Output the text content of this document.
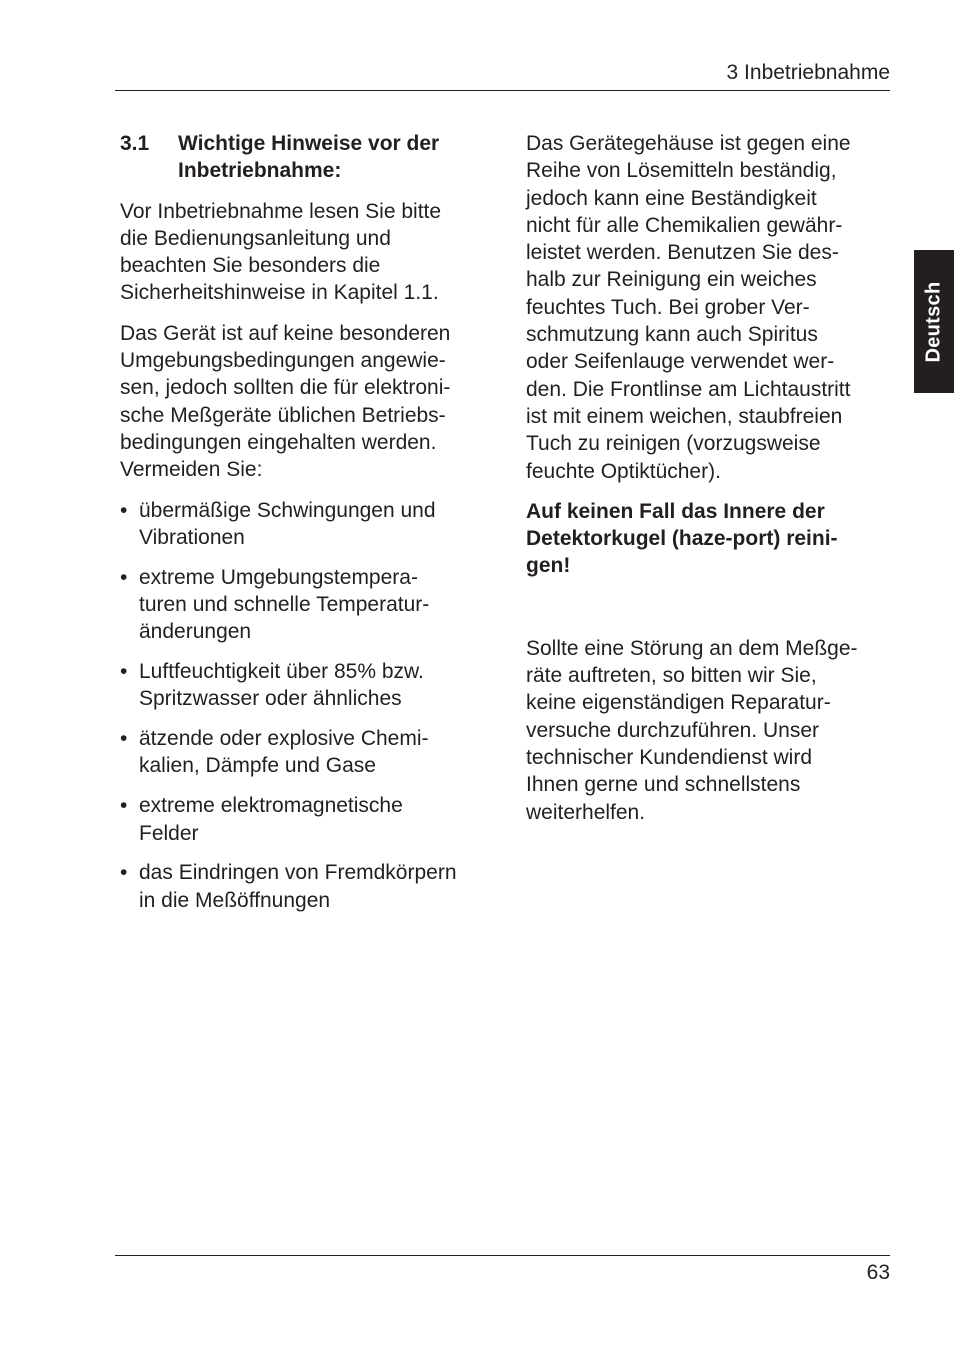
3 Inbetriebnahme
Deutsch
3.1	Wichtige Hinweise vor der
Inbetriebnahme:

Vor Inbetriebnahme lesen Sie bitte
die Bedienungsanleitung und
beachten Sie besonders die
Sicherheitshinweise in Kapitel 1.1.

Das Gerät ist auf keine besonderen
Umgebungsbedingungen angewie-
sen, jedoch sollten die für elektroni-
sche Meßgeräte üblichen Betriebs-
bedingungen eingehalten werden.
Vermeiden Sie:

• übermäßige Schwingungen und
Vibrationen
• extreme Umgebungstempera-
turen und schnelle Temperatur-
änderungen
• Luftfeuchtigkeit über 85% bzw.
Spritzwasser oder ähnliches
• ätzende oder explosive Chemi-
kalien, Dämpfe und Gase
• extreme elektromagnetische
Felder
• das Eindringen von Fremdkörpern
in die Meßöffnungen

Das Gerätegehäuse ist gegen eine
Reihe von Lösemitteln beständig,
jedoch kann eine Beständigkeit
nicht für alle Chemikalien gewähr-
leistet werden. Benutzen Sie des-
halb zur Reinigung ein weiches
feuchtes Tuch. Bei grober Ver-
schmutzung kann auch Spiritus
oder Seifenlauge verwendet wer-
den. Die Frontlinse am Lichtaustritt
ist mit einem weichen, staubfreien
Tuch zu reinigen (vorzugsweise
feuchte Optiktücher).

Auf keinen Fall das Innere der
Detektorkugel (haze-port) reini-
gen!

Sollte eine Störung an dem Meßge-
räte auftreten, so bitten wir Sie,
keine eigenständigen Reparatur-
versuche durchzuführen. Unser
technischer Kundendienst wird
Ihnen gerne und schnellstens
weiterhelfen.

63
